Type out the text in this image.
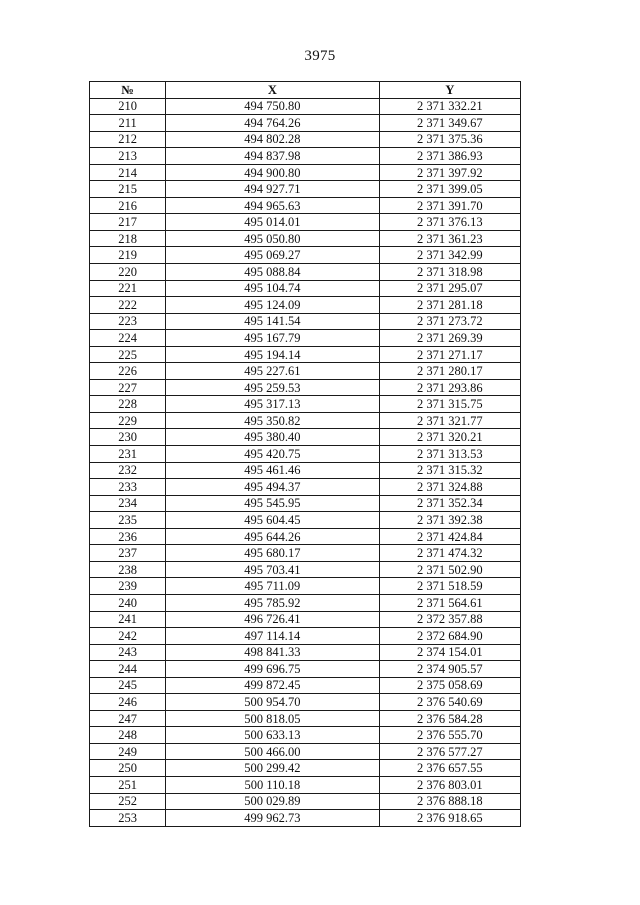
3975
№	X	Y
210	494 750.80	2 371 332.21
211	494 764.26	2 371 349.67
212	494 802.28	2 371 375.36
213	494 837.98	2 371 386.93
214	494 900.80	2 371 397.92
215	494 927.71	2 371 399.05
216	494 965.63	2 371 391.70
217	495 014.01	2 371 376.13
218	495 050.80	2 371 361.23
219	495 069.27	2 371 342.99
220	495 088.84	2 371 318.98
221	495 104.74	2 371 295.07
222	495 124.09	2 371 281.18
223	495 141.54	2 371 273.72
224	495 167.79	2 371 269.39
225	495 194.14	2 371 271.17
226	495 227.61	2 371 280.17
227	495 259.53	2 371 293.86
228	495 317.13	2 371 315.75
229	495 350.82	2 371 321.77
230	495 380.40	2 371 320.21
231	495 420.75	2 371 313.53
232	495 461.46	2 371 315.32
233	495 494.37	2 371 324.88
234	495 545.95	2 371 352.34
235	495 604.45	2 371 392.38
236	495 644.26	2 371 424.84
237	495 680.17	2 371 474.32
238	495 703.41	2 371 502.90
239	495 711.09	2 371 518.59
240	495 785.92	2 371 564.61
241	496 726.41	2 372 357.88
242	497 114.14	2 372 684.90
243	498 841.33	2 374 154.01
244	499 696.75	2 374 905.57
245	499 872.45	2 375 058.69
246	500 954.70	2 376 540.69
247	500 818.05	2 376 584.28
248	500 633.13	2 376 555.70
249	500 466.00	2 376 577.27
250	500 299.42	2 376 657.55
251	500 110.18	2 376 803.01
252	500 029.89	2 376 888.18
253	499 962.73	2 376 918.65
